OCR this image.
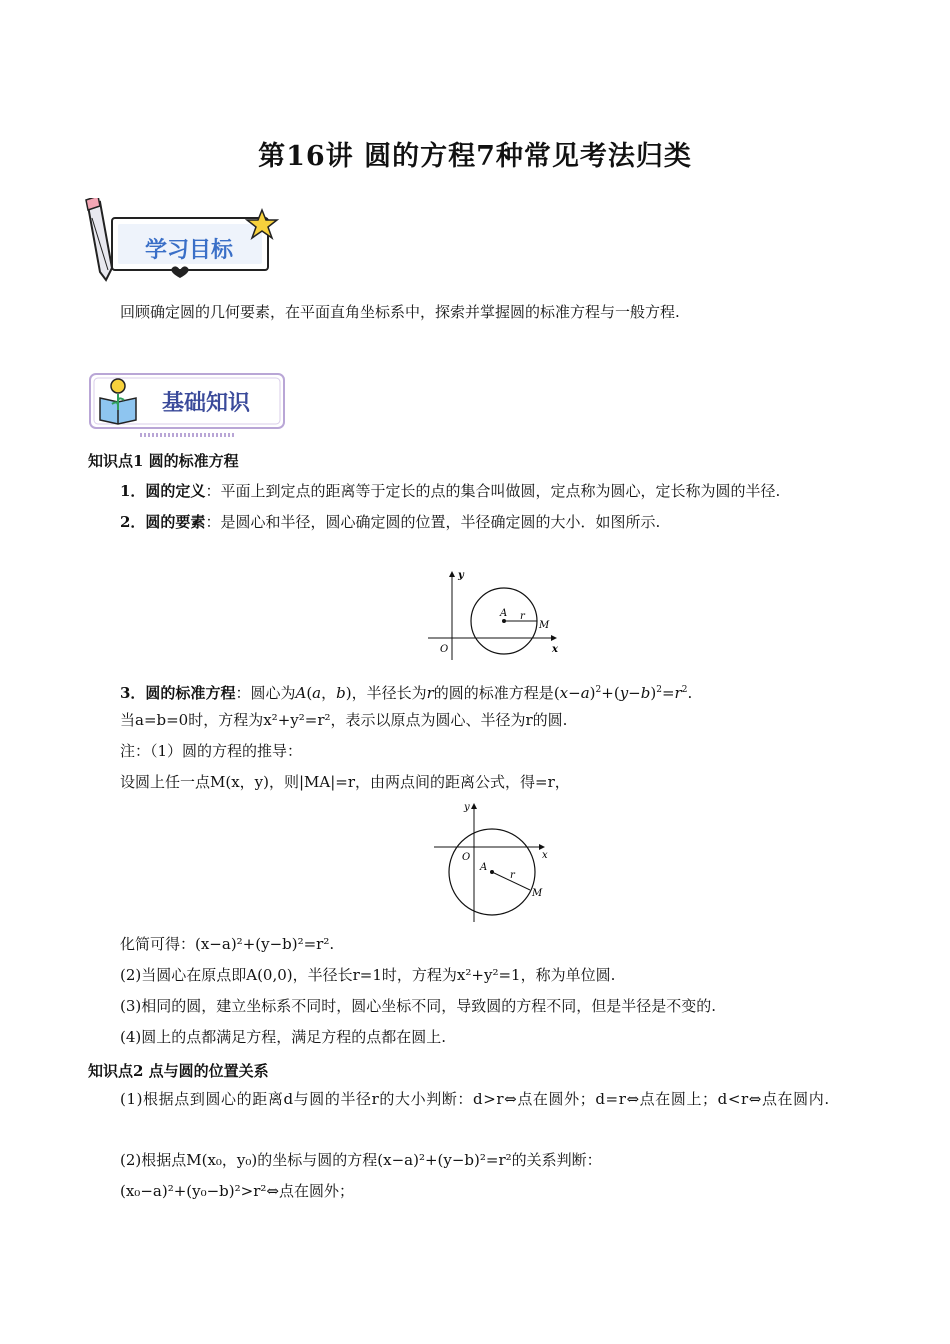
第16讲 圆的方程7种常见考法归类
学习目标
回顾确定圆的几何要素，在平面直角坐标系中，探索并掌握圆的标准方程与一般方程.
基础知识
知识点1 圆的标准方程
1．圆的定义：平面上到定点的距离等于定长的点的集合叫做圆，定点称为圆心，定长称为圆的半径.
2．圆的要素：是圆心和半径，圆心确定圆的位置，半径确定圆的大小．如图所示.
y
x
O
A r
M
3．圆的标准方程：圆心为A(a，b)，半径长为r的圆的标准方程是$(x-a)^2+(y-b)^2=r^2$.
当a=b=0时，方程为x²+y²=r²，表示以原点为圆心、半径为r的圆.
注：（1）圆的方程的推导：
设圆上任一点M(x，y)，则|MA|=r，由两点间的距离公式，得=r，
y
x
O
A
r
M
化简可得：(x−a)²+(y−b)²=r².
(2)当圆心在原点即A(0,0)，半径长r=1时，方程为x²+y²=1，称为单位圆.
(3)相同的圆，建立坐标系不同时，圆心坐标不同，导致圆的方程不同，但是半径是不变的.
(4)圆上的点都满足方程，满足方程的点都在圆上.
知识点2 点与圆的位置关系
(1)根据点到圆心的距离d与圆的半径r的大小判断：d>r⇔点在圆外；d=r⇔点在圆上；d<r⇔点在圆内.
(2)根据点M(x₀，y₀)的坐标与圆的方程(x−a)²+(y−b)²=r²的关系判断：
(x₀−a)²+(y₀−b)²>r²⇔点在圆外；
